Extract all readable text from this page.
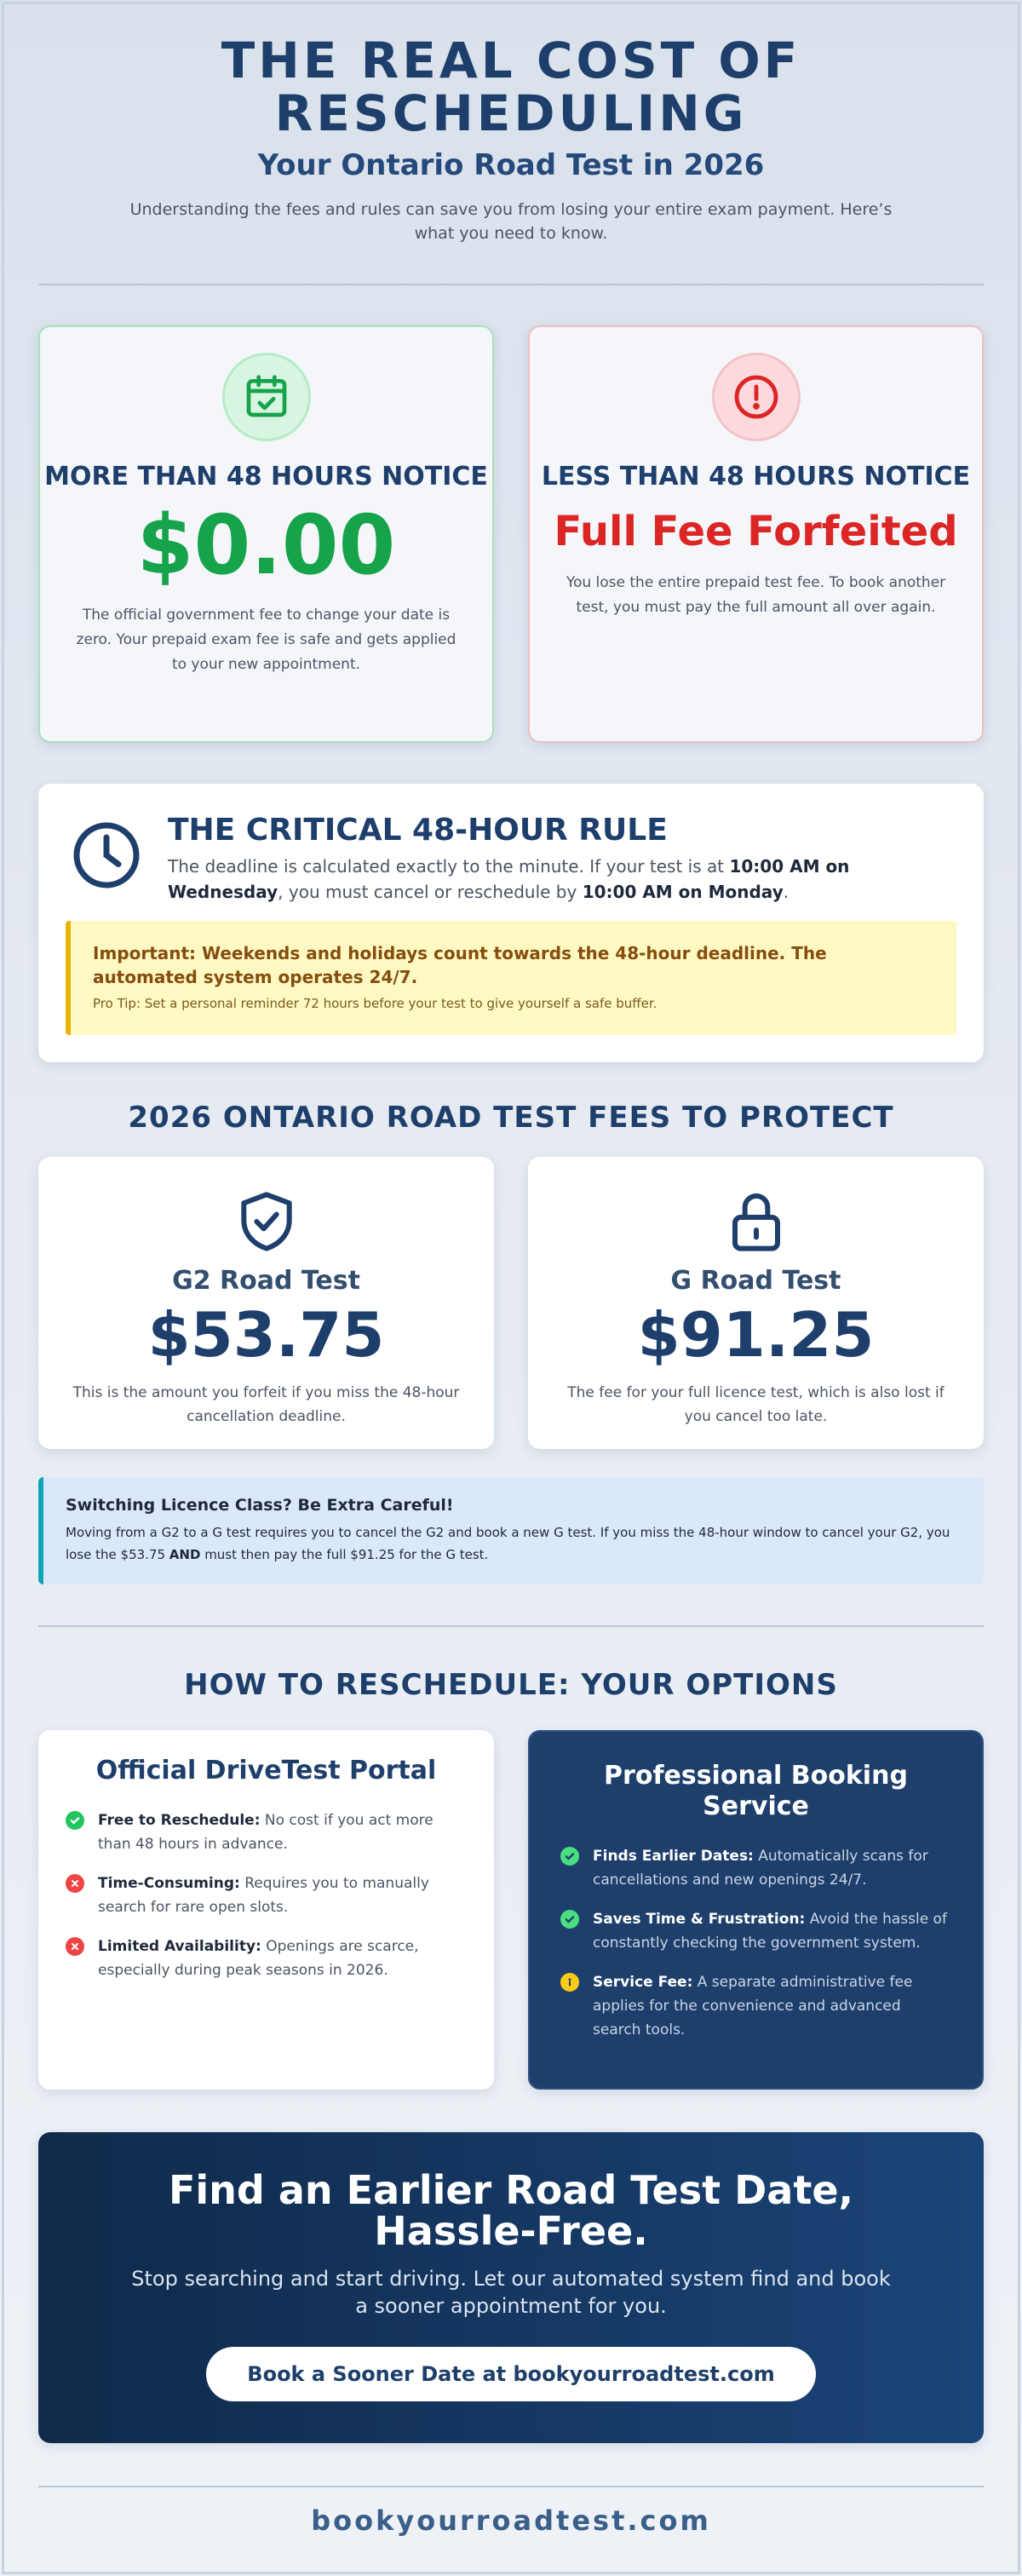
THE REAL COST OF RESCHEDULING
Your Ontario Road Test in 2026
Understanding the fees and rules can save you from losing your entire exam payment. Here’s what you need to know.
MORE THAN 48 HOURS NOTICE
$0.00

The official government fee to change your date is zero. Your prepaid exam fee is safe and gets applied to your new appointment.

LESS THAN 48 HOURS NOTICE
Full Fee Forfeited

You lose the entire prepaid test fee. To book another test, you must pay the full amount all over again.

THE CRITICAL 48-HOUR RULE
The deadline is calculated exactly to the minute. If your test is at 10:00 AM on Wednesday, you must cancel or reschedule by 10:00 AM on Monday.
Important: Weekends and holidays count towards the 48-hour deadline. The automated system operates 24/7.
Pro Tip: Set a personal reminder 72 hours before your test to give yourself a safe buffer.
2026 ONTARIO ROAD TEST FEES TO PROTECT
G2 Road Test
$53.75

This is the amount you forfeit if you miss the 48-hour cancellation deadline.

G Road Test
$91.25

The fee for your full licence test, which is also lost if you cancel too late.

Switching Licence Class? Be Extra Careful!

Moving from a G2 to a G test requires you to cancel the G2 and book a new G test. If you miss the 48-hour window to cancel your G2, you lose the $53.75 AND must then pay the full $91.25 for the G test.

HOW TO RESCHEDULE: YOUR OPTIONS
Official DriveTest Portal
Free to Reschedule: No cost if you act more than 48 hours in advance.
Time-Consuming: Requires you to manually search for rare open slots.
Limited Availability: Openings are scarce, especially during peak seasons in 2026.
Professional Booking Service
Finds Earlier Dates: Automatically scans for cancellations and new openings 24/7.
Saves Time & Frustration: Avoid the hassle of constantly checking the government system.
Service Fee: A separate administrative fee applies for the convenience and advanced search tools.
Find an Earlier Road Test Date, Hassle-Free.

Stop searching and start driving. Let our automated system find and book a sooner appointment for you.

Book a Sooner Date at bookyourroadtest.com
bookyourroadtest.com
